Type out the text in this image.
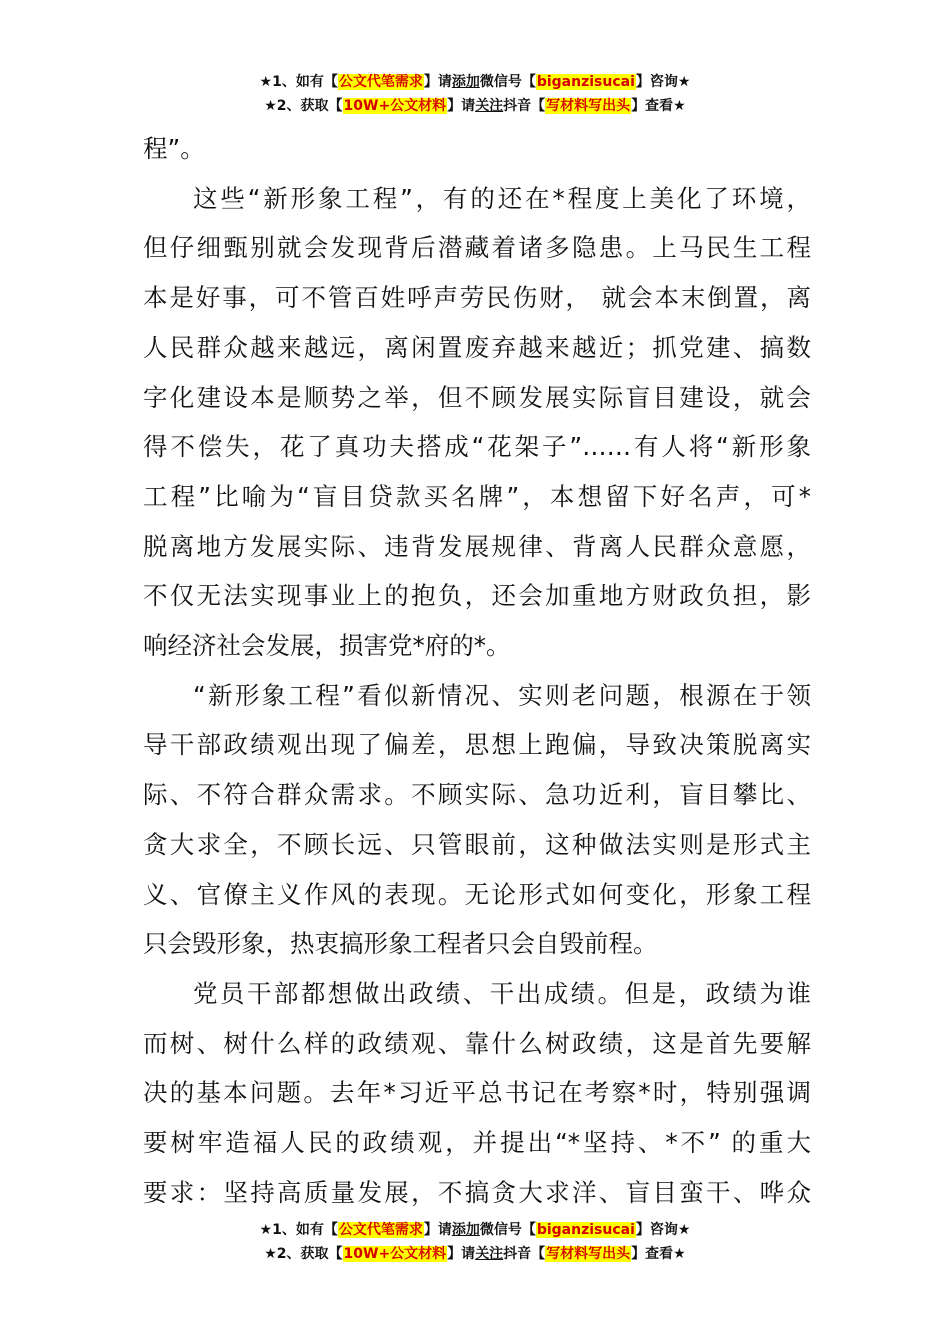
★1、如有【公文代笔需求】请添加微信号【biganzisucai】咨询★
★2、获取【10W+公文材料】请关注抖音【写材料写出头】查看★

程”。

这些“新形象工程”，有的还在*程度上美化了环境，

但仔细甄别就会发现背后潜藏着诸多隐患。上马民生工程

本是好事，可不管百姓呼声劳民伤财， 就会本末倒置，离

人民群众越来越远，离闲置废弃越来越近；抓党建、搞数

字化建设本是顺势之举，但不顾发展实际盲目建设，就会

得不偿失，花了真功夫搭成“花架子”……有人将“新形象

工程”比喻为“盲目贷款买名牌”，本想留下好名声，可*

脱离地方发展实际、违背发展规律、背离人民群众意愿，

不仅无法实现事业上的抱负，还会加重地方财政负担，影

响经济社会发展，损害党*府的*。

“新形象工程”看似新情况、实则老问题，根源在于领

导干部政绩观出现了偏差，思想上跑偏，导致决策脱离实

际、不符合群众需求。不顾实际、急功近利，盲目攀比、

贪大求全，不顾长远、只管眼前，这种做法实则是形式主

义、官僚主义作风的表现。无论形式如何变化，形象工程

只会毁形象，热衷搞形象工程者只会自毁前程。

党员干部都想做出政绩、干出成绩。但是，政绩为谁

而树、树什么样的政绩观、靠什么树政绩，这是首先要解

决的基本问题。去年*习近平总书记在考察*时，特别强调

要树牢造福人民的政绩观，并提出“*坚持、*不” 的重大

要求：坚持高质量发展，不搞贪大求洋、盲目蛮干、哗众

★1、如有【公文代笔需求】请添加微信号【biganzisucai】咨询★
★2、获取【10W+公文材料】请关注抖音【写材料写出头】查看★
